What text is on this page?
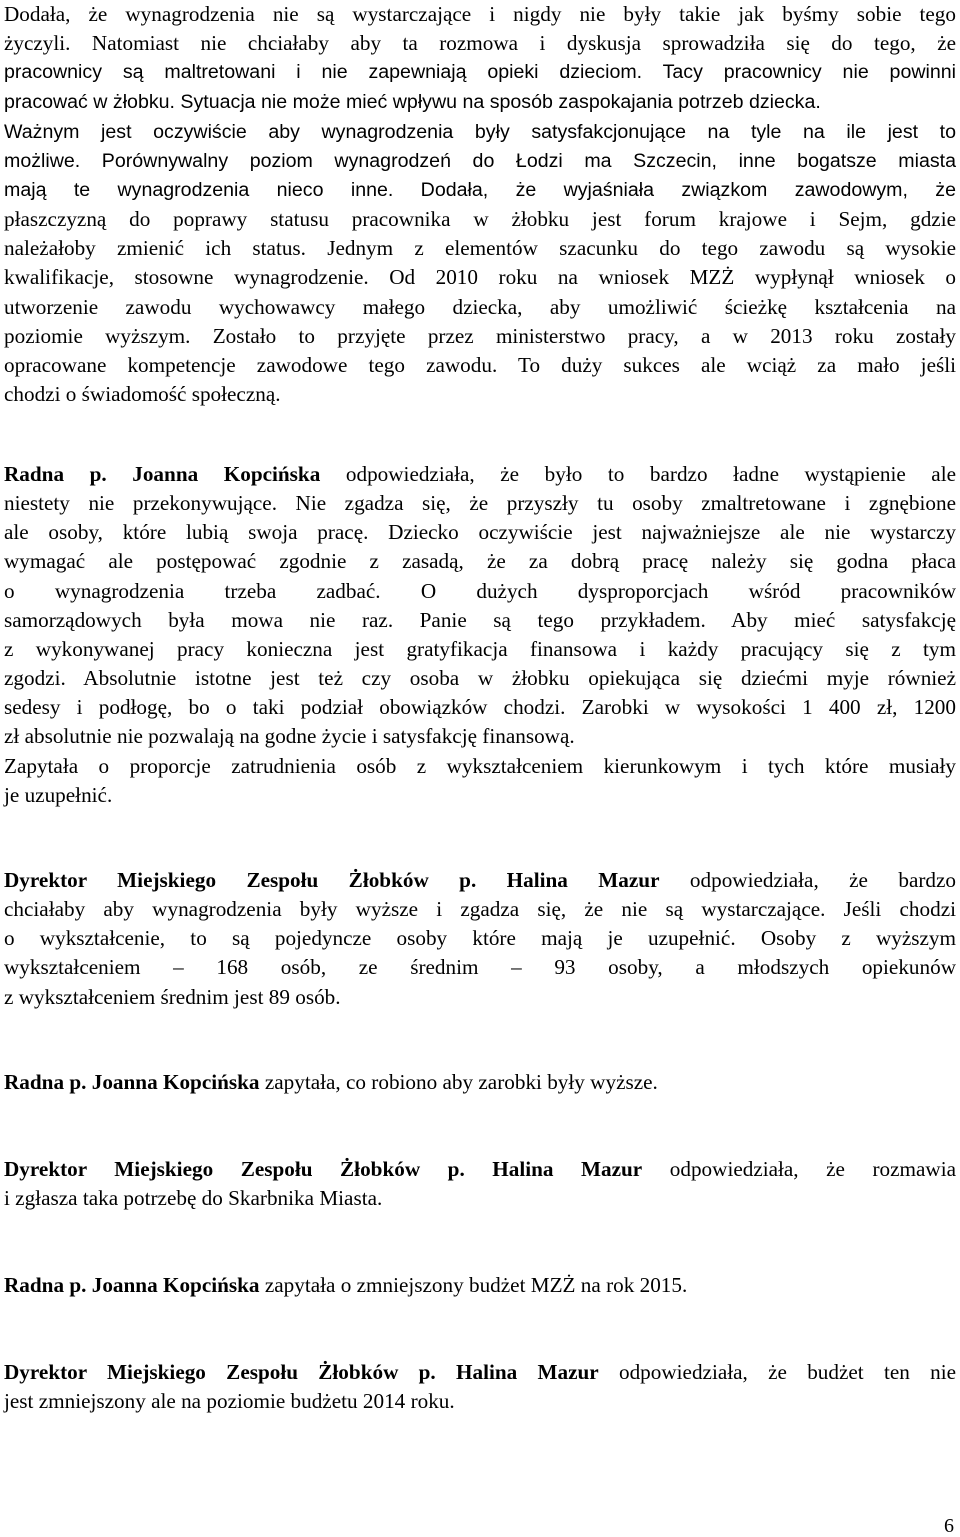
Dodała, że wynagrodzenia nie są wystarczające i nigdy nie były takie jak byśmy sobie tego
życzyli. Natomiast nie chciałaby aby ta rozmowa i dyskusja sprowadziła się do tego, że
pracownicy są maltretowani i nie zapewniają opieki dzieciom. Tacy pracownicy nie powinni
pracować w żłobku. Sytuacja nie może mieć wpływu na sposób zaspokajania potrzeb dziecka.
Ważnym jest oczywiście aby wynagrodzenia były satysfakcjonujące na tyle na ile jest to
możliwe. Porównywalny poziom wynagrodzeń do Łodzi ma Szczecin, inne bogatsze miasta
mają te wynagrodzenia nieco inne. Dodała, że wyjaśniała związkom zawodowym, że
płaszczyzną do poprawy statusu pracownika w żłobku jest forum krajowe i Sejm, gdzie
należałoby zmienić ich status. Jednym z elementów szacunku do tego zawodu są wysokie
kwalifikacje, stosowne wynagrodzenie. Od 2010 roku na wniosek MZŻ wypłynął wniosek o
utworzenie zawodu wychowawcy małego dziecka, aby umożliwić ścieżkę kształcenia na
poziomie wyższym. Zostało to przyjęte przez ministerstwo pracy, a w 2013 roku zostały
opracowane kompetencje zawodowe tego zawodu. To duży sukces ale wciąż za mało jeśli
chodzi o świadomość społeczną.

Radna p. Joanna Kopcińska odpowiedziała, że było to bardzo ładne wystąpienie ale
niestety nie przekonywujące. Nie zgadza się, że przyszły tu osoby zmaltretowane i zgnębione
ale osoby, które lubią swoja pracę. Dziecko oczywiście jest najważniejsze ale nie wystarczy
wymagać ale postępować zgodnie z zasadą, że za dobrą pracę należy się godna płaca
o wynagrodzenia trzeba zadbać. O dużych dysproporcjach wśród pracowników
samorządowych była mowa nie raz. Panie są tego przykładem. Aby mieć satysfakcję
z wykonywanej pracy konieczna jest gratyfikacja finansowa i każdy pracujący się z tym
zgodzi. Absolutnie istotne jest też czy osoba w żłobku opiekująca się dziećmi myje również
sedesy i podłogę, bo o taki podział obowiązków chodzi. Zarobki w wysokości 1 400 zł, 1200
zł absolutnie nie pozwalają na godne życie i satysfakcję finansową.
Zapytała o proporcje zatrudnienia osób z wykształceniem kierunkowym i tych które musiały
je uzupełnić.

Dyrektor Miejskiego Zespołu Żłobków p. Halina Mazur odpowiedziała, że bardzo
chciałaby aby wynagrodzenia były wyższe i zgadza się, że nie są wystarczające. Jeśli chodzi
o wykształcenie, to są pojedyncze osoby które mają je uzupełnić. Osoby z wyższym
wykształceniem – 168 osób, ze średnim – 93 osoby, a młodszych opiekunów
z wykształceniem średnim jest 89 osób.

Radna p. Joanna Kopcińska zapytała, co robiono aby zarobki były wyższe.

Dyrektor Miejskiego Zespołu Żłobków p. Halina Mazur odpowiedziała, że rozmawia
i zgłasza taka potrzebę do Skarbnika Miasta.

Radna p. Joanna Kopcińska zapytała o zmniejszony budżet MZŻ na rok 2015.

Dyrektor Miejskiego Zespołu Żłobków p. Halina Mazur odpowiedziała, że budżet ten nie
jest zmniejszony ale na poziomie budżetu 2014 roku.

6
